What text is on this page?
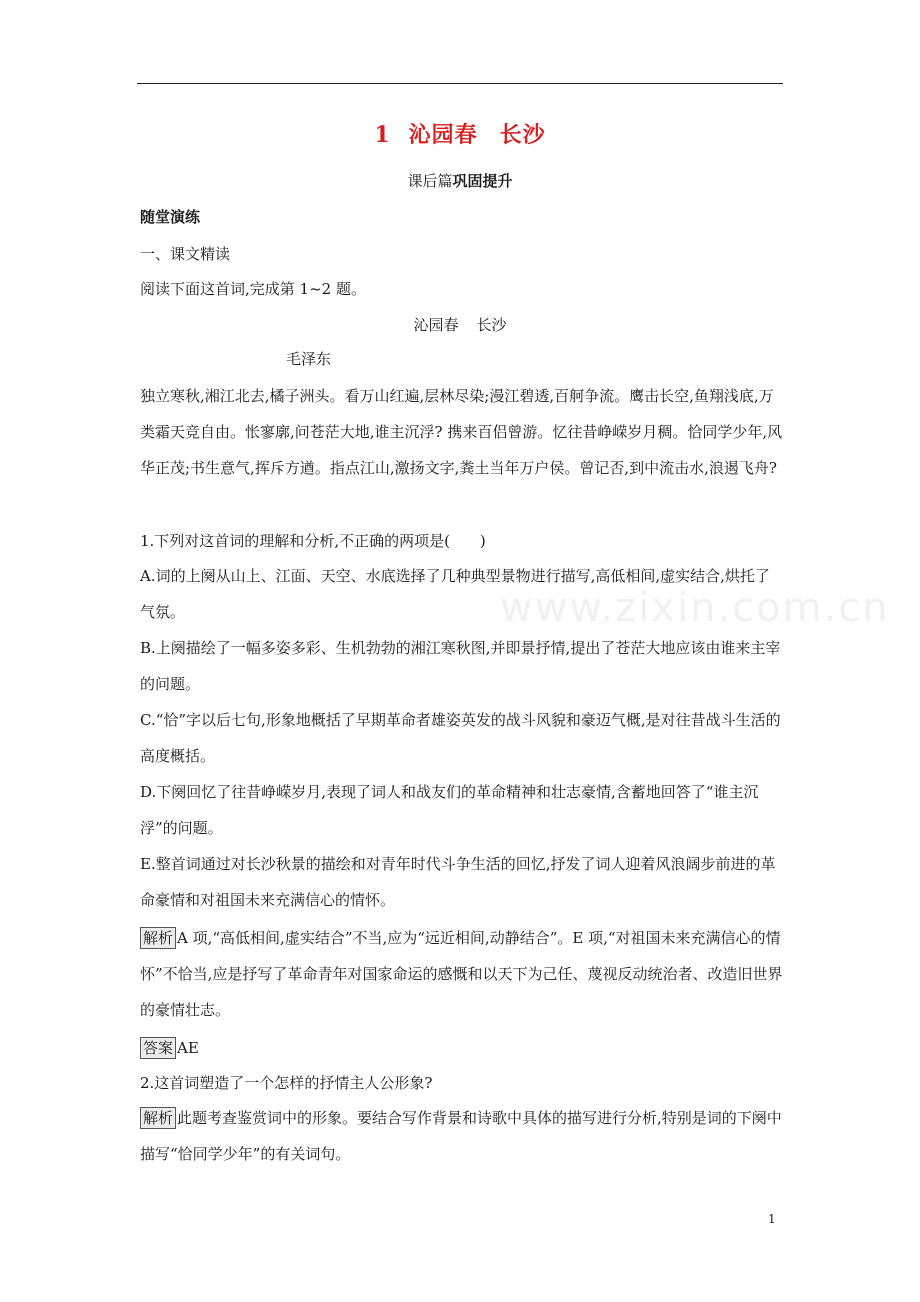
1 沁园春 长沙
课后篇巩固提升
随堂演练
一、课文精读
阅读下面这首词,完成第 1~2 题。
沁园春 长沙
毛泽东
独立寒秋,湘江北去,橘子洲头。看万山红遍,层林尽染;漫江碧透,百舸争流。鹰击长空,鱼翔浅底,万类霜天竞自由。怅寥廓,问苍茫大地,谁主沉浮? 携来百侣曾游。忆往昔峥嵘岁月稠。恰同学少年,风华正茂;书生意气,挥斥方遒。指点江山,激扬文字,粪土当年万户侯。曾记否,到中流击水,浪遏飞舟?
1.下列对这首词的理解和分析,不正确的两项是(　　)
A.词的上阕从山上、江面、天空、水底选择了几种典型景物进行描写,高低相间,虚实结合,烘托了气氛。
B.上阕描绘了一幅多姿多彩、生机勃勃的湘江寒秋图,并即景抒情,提出了苍茫大地应该由谁来主宰的问题。
C.“恰”字以后七句,形象地概括了早期革命者雄姿英发的战斗风貌和豪迈气概,是对往昔战斗生活的高度概括。
D.下阕回忆了往昔峥嵘岁月,表现了词人和战友们的革命精神和壮志豪情,含蓄地回答了“谁主沉浮”的问题。
E.整首词通过对长沙秋景的描绘和对青年时代斗争生活的回忆,抒发了词人迎着风浪阔步前进的革命豪情和对祖国未来充满信心的情怀。
解析 A 项,“高低相间,虚实结合”不当,应为“远近相间,动静结合”。E 项,“对祖国未来充满信心的情怀”不恰当,应是抒写了革命青年对国家命运的感慨和以天下为己任、蔑视反动统治者、改造旧世界的豪情壮志。
答案 AE
2.这首词塑造了一个怎样的抒情主人公形象?
解析 此题考查鉴赏词中的形象。要结合写作背景和诗歌中具体的描写进行分析,特别是词的下阕中描写“恰同学少年”的有关词句。
www.zixin.com.cn
1
